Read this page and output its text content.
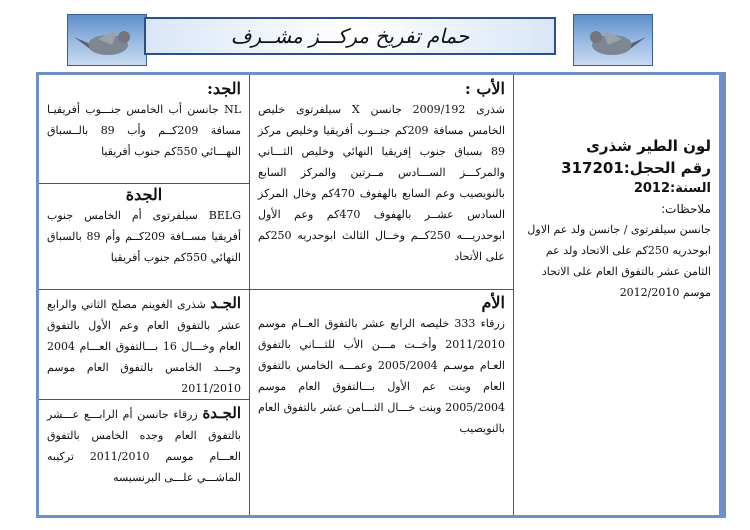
حمام تفريخ مركـــز مشــرف

لون الطير شذرى

رقم الحجل:317201

السنة:2012

ملاحظات:

جانسن سيلفرتوى / جانسن ولد عم الاول ابوحدريه 250كم على الاتحاد ولد عم الثامن عشر بالتفوق العام على الاتحاد موسم 2012/2010

الأب :

شذرى 2009/192 جانسن X سيلفرتوى خليص الخامس مسافة 209كم جنــوب أفريقيا وخليص مركز 89 بسباق جنوب إفريقيا النهائي وخليص الثـــاني والمركـــز الســـادس مــرتين والمركز السابع بالنويصيب وعم السابع بالهفوف 470كم وخال المركز السادس عشــر بالهفوف 470كم وعم الأول ابوحدريـــه 250كــم وخــال الثالث ابوحدريه 250كم على الأتحاد

الأم

زرقاء 333 خليصه الرابع عشر بالتفوق العــام موسم 2011/2010 وأخــت مـــن الأب للثـــاني بالتفوق العـام موسـم 2005/2004 وعمـــه الخامس بالتفوق العام وبنت عم الأول بـــالتفوق العام موسم 2005/2004 وبنت خـــال الثـــامن عشر بالتفوق العام بالنويصيب

الجد:

NL جانسن أب الخامس جنـــوب أفريقيـا مسافة 209كــم وأب 89 بالــسباق النهـــائي 550كم جنوب أفريقيا

الجدة

BELG سيلفرتوى أم الخامس جنوب أفريقيا مســافة 209كــم وأم 89 بالسباق النهائي 550كم جنوب أفريقيا

الجـد شذرى الغوينم مصلح الثاني والرابع عشر بالتفوق العام وعم الأول بالتفوق العام وخـــال 16 بـــالتفوق العـــام 2004 وجـــد الخامس بالتفوق العام موسم 2011/2010

الجـدة زرقاء جانسن أم الرابـــع عـــشر بالتفوق العام وجده الخامس بالتفوق العـــام موسم 2011/2010 تركيبه الماشـــي علـــى البرنسيسه
